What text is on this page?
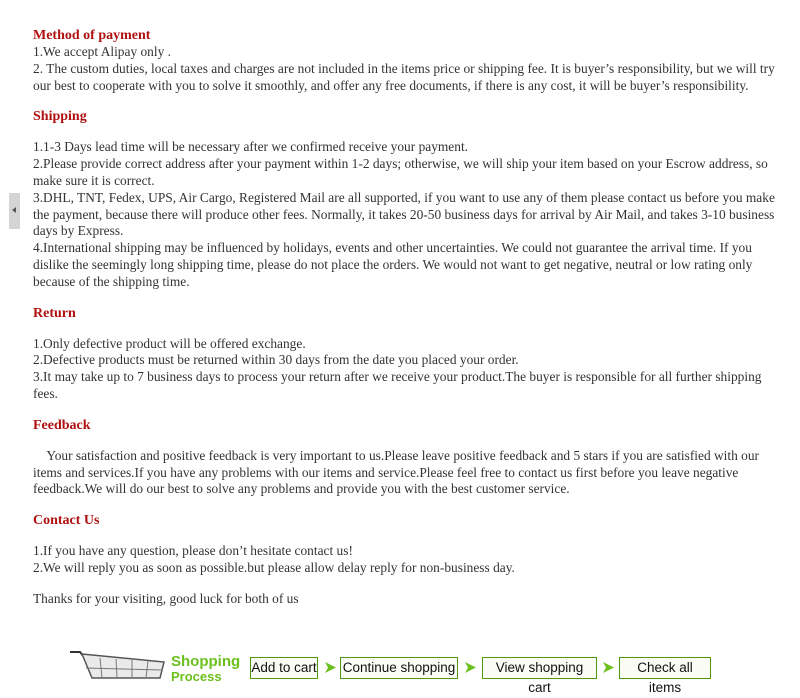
Method of payment

1.We accept Alipay only .

2. The custom duties, local taxes and charges are not included in the items price or shipping fee. It is buyer’s responsibility, but we will try our best to cooperate with you to solve it smoothly, and offer any free documents, if there is any cost, it will be buyer’s responsibility.

Shipping

1.1-3 Days lead time will be necessary after we confirmed receive your payment.

2.Please provide correct address after your payment within 1-2 days; otherwise, we will ship your item based on your Escrow address, so make sure it is correct.

3.DHL, TNT, Fedex, UPS, Air Cargo, Registered Mail are all supported, if you want to use any of them please contact us before you make the payment, because there will produce other fees. Normally, it takes 20-50 business days for arrival by Air Mail, and takes 3-10 business days by Express.

4.International shipping may be influenced by holidays, events and other uncertainties. We could not guarantee the arrival time. If you dislike the seemingly long shipping time, please do not place the orders. We would not want to get negative, neutral or low rating only because of the shipping time.

Return

1.Only defective product will be offered exchange.

2.Defective products must be returned within 30 days from the date you placed your order.

3.It may take up to 7 business days to process your return after we receive your product.The buyer is responsible for all further shipping fees.

Feedback

Your satisfaction and positive feedback is very important to us.Please leave positive feedback and 5 stars if you are satisfied with our items and services.If you have any problems with our items and service.Please feel free to contact us first before you leave negative feedback.We will do our best to solve any problems and provide you with the best customer service.

Contact Us

1.If you have any question, please don’t hesitate contact us!

2.We will reply you as soon as possible.but please allow delay reply for non-business day.

Thanks for your visiting, good luck for both of us

Shopping
Process
Add to cart Continue shopping	View shopping cart
Check all items
